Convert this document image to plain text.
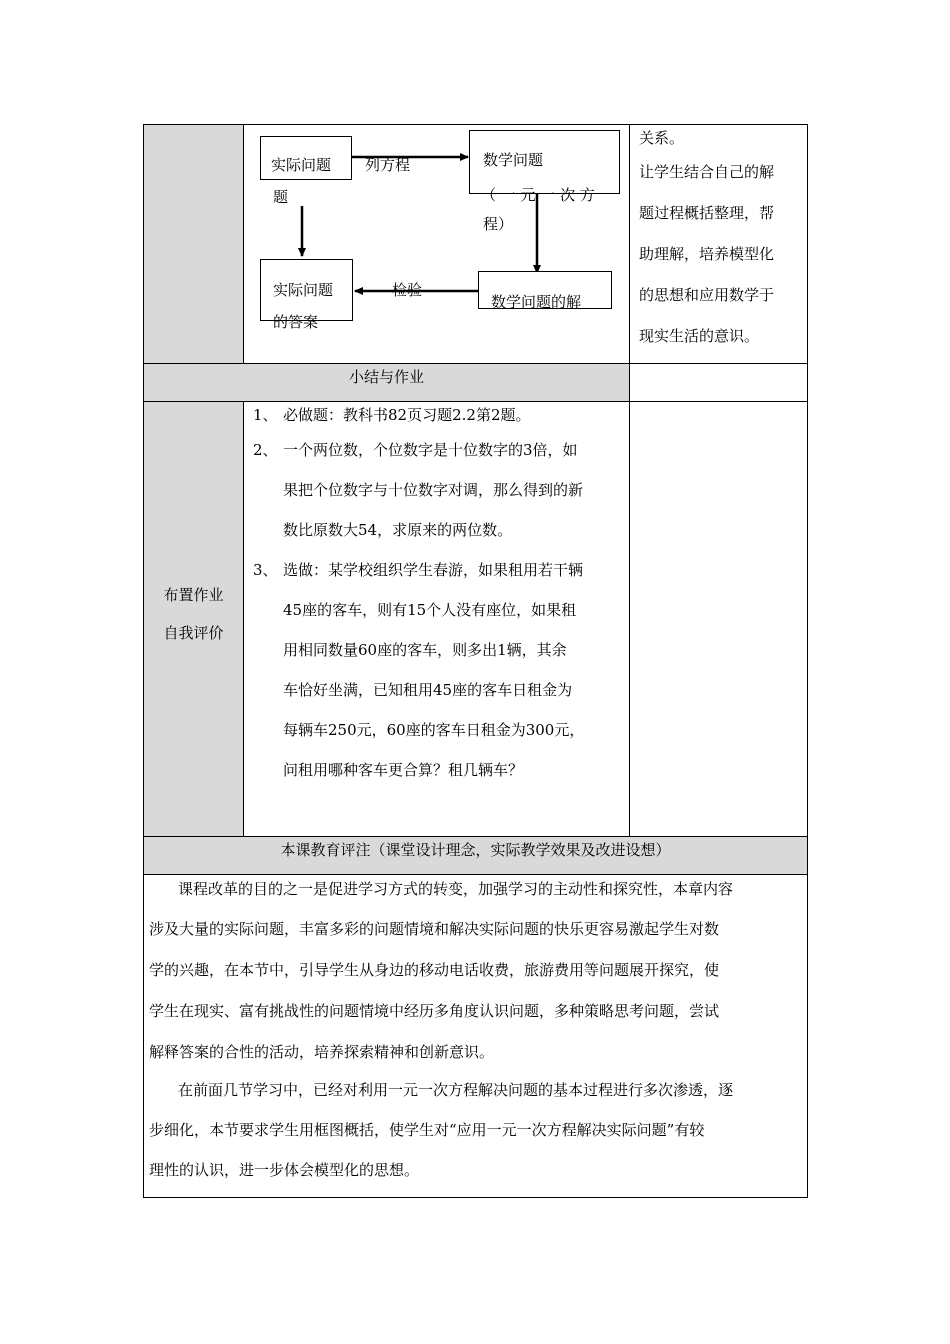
实际问题
题
列方程	数学问题
（ 一 元 一 次 方
程）
实际问题	检验
的答案
数学问题的解

关系。

让学生结合自己的解

题过程概括整理，帮

助理解，培养模型化

的思想和应用数学于

现实生活的意识。

小结与作业
布置作业
自我评价
1、 必做题：教科书82页习题2.2第2题。
2、 一个两位数，个位数字是十位数字的3倍，如
果把个位数字与十位数字对调，那么得到的新
数比原数大54，求原来的两位数。
3、 选做：某学校组织学生春游，如果租用若干辆
45座的客车，则有15个人没有座位，如果租
用相同数量60座的客车，则多出1辆，其余
车恰好坐满，已知租用45座的客车日租金为
每辆车250元，60座的客车日租金为300元，
问租用哪种客车更合算？租几辆车？
本课教育评注（课堂设计理念，实际教学效果及改进设想）
课程改革的目的之一是促进学习方式的转变，加强学习的主动性和探究性，本章内容
涉及大量的实际问题，丰富多彩的问题情境和解决实际问题的快乐更容易激起学生对数
学的兴趣，在本节中，引导学生从身边的移动电话收费，旅游费用等问题展开探究，使
学生在现实、富有挑战性的问题情境中经历多角度认识问题，多种策略思考问题，尝试
解释答案的合性的活动，培养探索精神和创新意识。
在前面几节学习中，已经对利用一元一次方程解决问题的基本过程进行多次渗透，逐
步细化，本节要求学生用框图概括，使学生对“应用一元一次方程解决实际问题”有较
理性的认识，进一步体会模型化的思想。
